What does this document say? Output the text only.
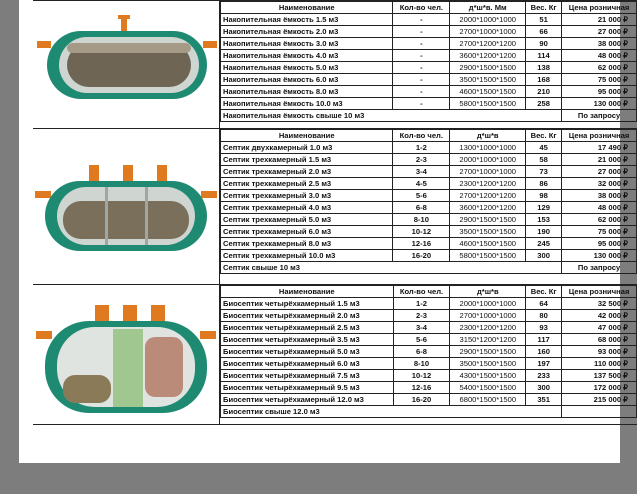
Наименование	Кол-во чел.	д*ш*в. Мм	Вес. Кг	Цена розничная
Накопительная ёмкость 1.5 м3	-	2000*1000*1000	51	21 000 ₽
Накопительная ёмкость 2.0 м3	-	2700*1000*1000	66	27 000 ₽
Накопительная ёмкость 3.0 м3	-	2700*1200*1200	90	38 000 ₽
Накопительная ёмкость 4.0 м3	-	3600*1200*1200	114	48 000 ₽
Накопительная ёмкость 5.0 м3	-	2900*1500*1500	138	62 000 ₽
Накопительная ёмкость 6.0 м3	-	3500*1500*1500	168	75 000 ₽
Накопительная ёмкость 8.0 м3	-	4600*1500*1500	210	95 000 ₽
Накопительная ёмкость 10.0 м3	-	5800*1500*1500	258	130 000 ₽
Накопительная ёмкость свыше 10 м3				По запросу
Наименование	Кол-во чел.	д*ш*в	Вес. Кг	Цена розничная
Септик двухкамерный 1.0 м3	1-2	1300*1000*1000	45	17 490 ₽
Септик трехкамерный 1.5 м3	2-3	2000*1000*1000	58	21 000 ₽
Септик трехкамерный 2.0 м3	3-4	2700*1000*1000	73	27 000 ₽
Септик трехкамерный 2.5 м3	4-5	2300*1200*1200	86	32 000 ₽
Септик трехкамерный 3.0 м3	5-6	2700*1200*1200	98	38 000 ₽
Септик трехкамерный 4.0 м3	6-8	3600*1200*1200	129	48 000 ₽
Септик трехкамерный 5.0 м3	8-10	2900*1500*1500	153	62 000 ₽
Септик трехкамерный 6.0 м3	10-12	3500*1500*1500	190	75 000 ₽
Септик трехкамерный 8.0 м3	12-16	4600*1500*1500	245	95 000 ₽
Септик трехкамерный 10.0 м3	16-20	5800*1500*1500	300	130 000 ₽
Септик свыше 10 м3				По запросу
Наименование	Кол-во чел.	д*ш*в	Вес. Кг	Цена розничная
Биосептик четырёхкамерный 1.5 м3	1-2	2000*1000*1000	64	32 500 ₽
Биосептик четырёхкамерный 2.0 м3	2-3	2700*1000*1000	80	42 000 ₽
Биосептик четырёхкамерный 2.5 м3	3-4	2300*1200*1200	93	47 000 ₽
Биосептик четырёхкамерный 3.5 м3	5-6	3150*1200*1200	117	68 000 ₽
Биосептик четырёхкамерный 5.0 м3	6-8	2900*1500*1500	160	93 000 ₽
Биосептик четырёхкамерный 6.0 м3	8-10	3500*1500*1500	197	110 000 ₽
Биосептик четырёхкамерный 7.5 м3	10-12	4300*1500*1500	233	137 500 ₽
Биосептик четырёхкамерный 9.5 м3	12-16	5400*1500*1500	300	172 000 ₽
Биосептик четырёхкамерный 12.0 м3	16-20	6800*1500*1500	351	215 000 ₽
Биосептик свыше 12.0 м3				
